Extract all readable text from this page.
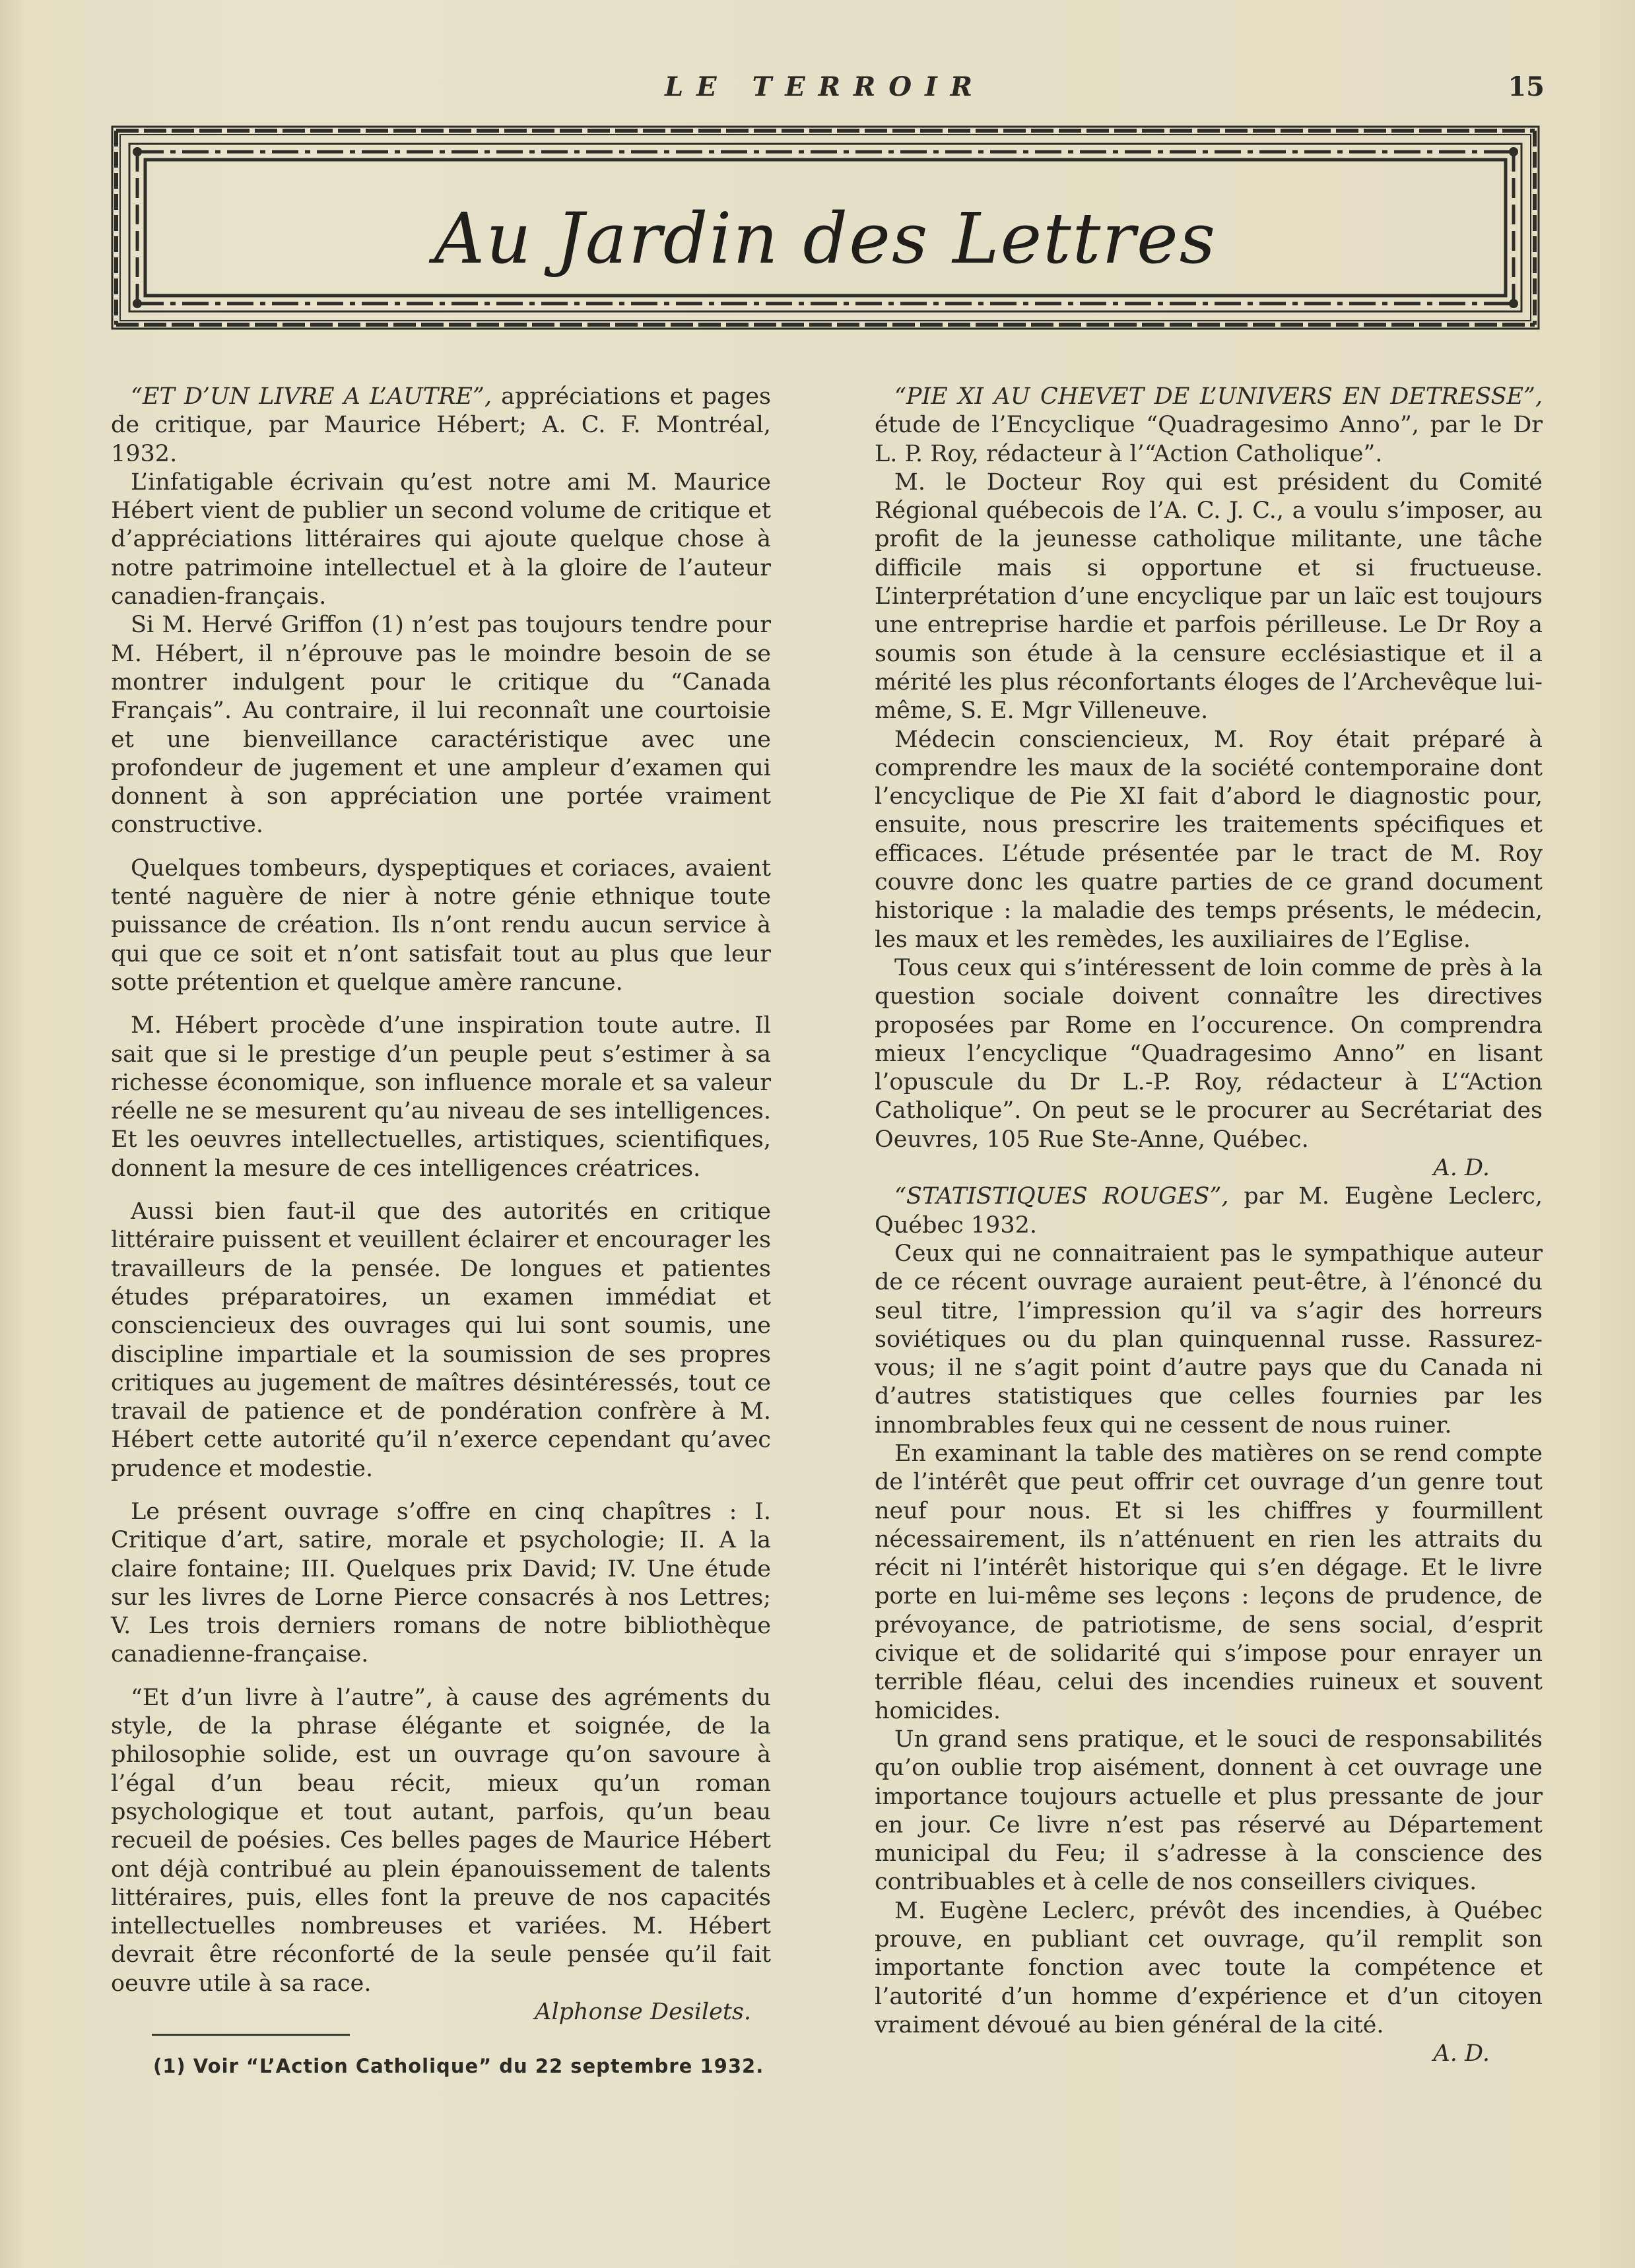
LE TERROIR	15
Au Jardin des Lettres

“ET D’UN LIVRE A L’AUTRE”, appréciations et pages de critique, par Maurice Hébert; A. C. F. Montréal, 1932.

L’infatigable écrivain qu’est notre ami M. Maurice Hébert vient de publier un second volume de critique et d’appréciations littéraires qui ajoute quelque chose à notre patrimoine intellectuel et à la gloire de l’auteur canadien-français.

Si M. Hervé Griffon (1) n’est pas toujours tendre pour M. Hébert, il n’éprouve pas le moindre besoin de se montrer indulgent pour le critique du “Canada Français”. Au contraire, il lui reconnaît une courtoisie et une bienveillance caractéristique avec une profondeur de jugement et une ampleur d’examen qui donnent à son appréciation une portée vraiment constructive.

Quelques tombeurs, dyspeptiques et coriaces, avaient tenté naguère de nier à notre génie ethnique toute puissance de création. Ils n’ont rendu aucun service à qui que ce soit et n’ont satisfait tout au plus que leur sotte prétention et quelque amère rancune.

M. Hébert procède d’une inspiration toute autre. Il sait que si le prestige d’un peuple peut s’estimer à sa richesse économique, son influence morale et sa valeur réelle ne se mesurent qu’au niveau de ses intelligences. Et les oeuvres intellectuelles, artistiques, scientifiques, donnent la mesure de ces intelligences créatrices.

Aussi bien faut-il que des autorités en critique littéraire puissent et veuillent éclairer et encourager les travailleurs de la pensée. De longues et patientes études préparatoires, un examen immédiat et consciencieux des ouvrages qui lui sont soumis, une discipline impartiale et la soumission de ses propres critiques au jugement de maîtres désintéressés, tout ce travail de patience et de pondération confrère à M. Hébert cette autorité qu’il n’exerce cependant qu’avec prudence et modestie.

Le présent ouvrage s’offre en cinq chapîtres : I. Critique d’art, satire, morale et psychologie; II. A la claire fontaine; III. Quelques prix David; IV. Une étude sur les livres de Lorne Pierce consacrés à nos Lettres; V. Les trois derniers romans de notre bibliothèque canadienne-française.

“Et d’un livre à l’autre”, à cause des agréments du style, de la phrase élégante et soignée, de la philosophie solide, est un ouvrage qu’on savoure à l’égal d’un beau récit, mieux qu’un roman psychologique et tout autant, parfois, qu’un beau recueil de poésies. Ces belles pages de Maurice Hébert ont déjà contribué au plein épanouissement de talents littéraires, puis, elles font la preuve de nos capacités intellectuelles nombreuses et variées. M. Hébert devrait être réconforté de la seule pensée qu’il fait oeuvre utile à sa race.

Alphonse Desilets.

(1) Voir “L’Action Catholique” du 22 septembre 1932.

“PIE XI AU CHEVET DE L’UNIVERS EN DETRESSE”, étude de l’Encyclique “Quadragesimo Anno”, par le Dr L. P. Roy, rédacteur à l’“Action Catholique”.

M. le Docteur Roy qui est président du Comité Régional québecois de l’A. C. J. C., a voulu s’imposer, au profit de la jeunesse catholique militante, une tâche difficile mais si opportune et si fructueuse. L’interprétation d’une encyclique par un laïc est toujours une entreprise hardie et parfois périlleuse. Le Dr Roy a soumis son étude à la censure ecclésiastique et il a mérité les plus réconfortants éloges de l’Archevêque lui-même, S. E. Mgr Villeneuve.

Médecin consciencieux, M. Roy était préparé à comprendre les maux de la société contemporaine dont l’encyclique de Pie XI fait d’abord le diagnostic pour, ensuite, nous prescrire les traitements spécifiques et efficaces. L’étude présentée par le tract de M. Roy couvre donc les quatre parties de ce grand document historique : la maladie des temps présents, le médecin, les maux et les remèdes, les auxiliaires de l’Eglise.

Tous ceux qui s’intéressent de loin comme de près à la question sociale doivent connaître les directives proposées par Rome en l’occurence. On comprendra mieux l’encyclique “Quadragesimo Anno” en lisant l’opuscule du Dr L.-P. Roy, rédacteur à L’“Action Catholique”. On peut se le procurer au Secrétariat des Oeuvres, 105 Rue Ste-Anne, Québec.

A. D.

“STATISTIQUES ROUGES”, par M. Eugène Leclerc, Québec 1932.

Ceux qui ne connaitraient pas le sympathique auteur de ce récent ouvrage auraient peut-être, à l’énoncé du seul titre, l’impression qu’il va s’agir des horreurs soviétiques ou du plan quinquennal russe. Rassurez-vous; il ne s’agit point d’autre pays que du Canada ni d’autres statistiques que celles fournies par les innombrables feux qui ne cessent de nous ruiner.

En examinant la table des matières on se rend compte de l’intérêt que peut offrir cet ouvrage d’un genre tout neuf pour nous. Et si les chiffres y fourmillent nécessairement, ils n’atténuent en rien les attraits du récit ni l’intérêt historique qui s’en dégage. Et le livre porte en lui-même ses leçons : leçons de prudence, de prévoyance, de patriotisme, de sens social, d’esprit civique et de solidarité qui s’impose pour enrayer un terrible fléau, celui des incendies ruineux et souvent homicides.

Un grand sens pratique, et le souci de responsabilités qu’on oublie trop aisément, donnent à cet ouvrage une importance toujours actuelle et plus pressante de jour en jour. Ce livre n’est pas réservé au Département municipal du Feu; il s’adresse à la conscience des contribuables et à celle de nos conseillers civiques.

M. Eugène Leclerc, prévôt des incendies, à Québec prouve, en publiant cet ouvrage, qu’il remplit son importante fonction avec toute la compétence et l’autorité d’un homme d’expérience et d’un citoyen vraiment dévoué au bien général de la cité.

A. D.
